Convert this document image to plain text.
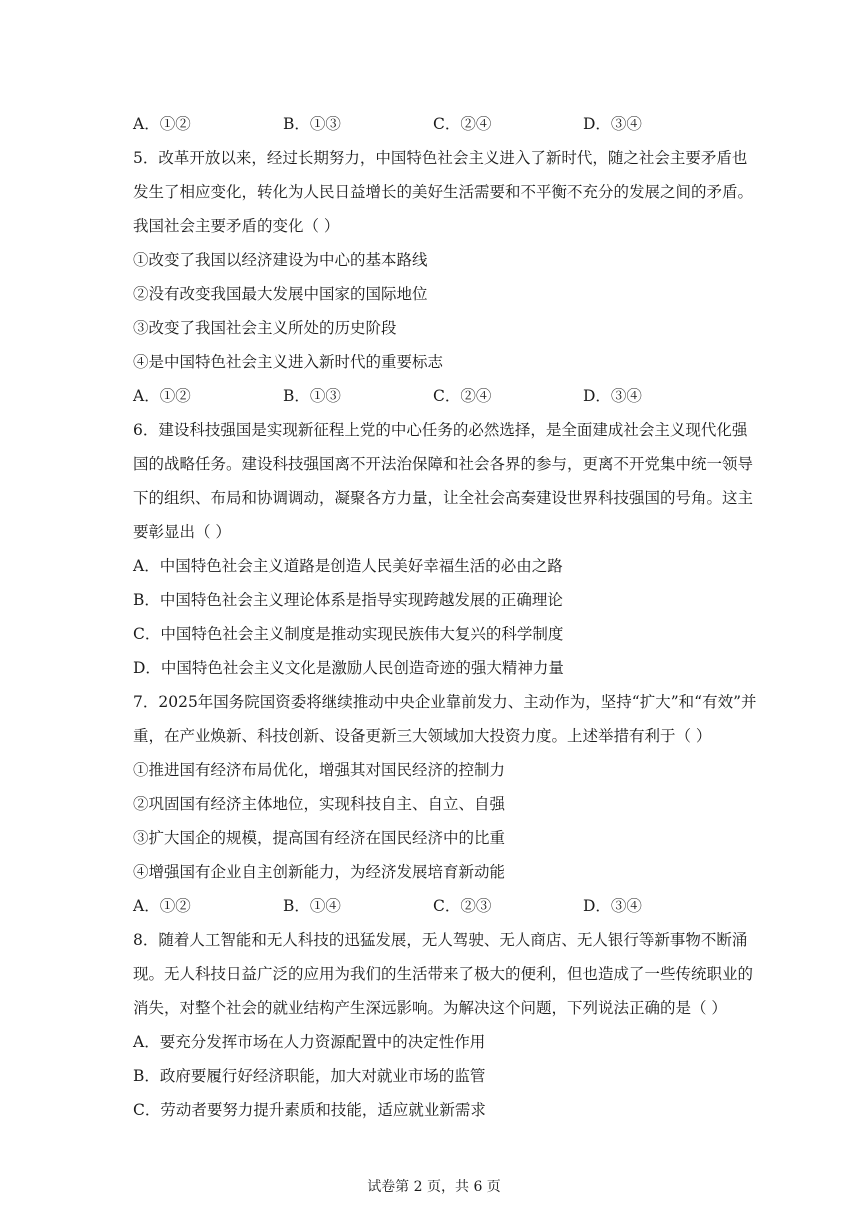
A．①②	B．①③	C．②④	D．③④
5．改革开放以来，经过长期努力，中国特色社会主义进入了新时代，随之社会主要矛盾也
发生了相应变化，转化为人民日益增长的美好生活需要和不平衡不充分的发展之间的矛盾。
我国社会主要矛盾的变化（ ）
①改变了我国以经济建设为中心的基本路线
②没有改变我国最大发展中国家的国际地位
③改变了我国社会主义所处的历史阶段
④是中国特色社会主义进入新时代的重要标志
A．①②	B．①③	C．②④	D．③④
6．建设科技强国是实现新征程上党的中心任务的必然选择，是全面建成社会主义现代化强
国的战略任务。建设科技强国离不开法治保障和社会各界的参与，更离不开党集中统一领导
下的组织、布局和协调调动，凝聚各方力量，让全社会高奏建设世界科技强国的号角。这主
要彰显出（ ）
A．中国特色社会主义道路是创造人民美好幸福生活的必由之路
B．中国特色社会主义理论体系是指导实现跨越发展的正确理论
C．中国特色社会主义制度是推动实现民族伟大复兴的科学制度
D．中国特色社会主义文化是激励人民创造奇迹的强大精神力量
7．2025年国务院国资委将继续推动中央企业靠前发力、主动作为，坚持“扩大”和“有效”并
重，在产业焕新、科技创新、设备更新三大领域加大投资力度。上述举措有利于（ ）
①推进国有经济布局优化，增强其对国民经济的控制力
②巩固国有经济主体地位，实现科技自主、自立、自强
③扩大国企的规模，提高国有经济在国民经济中的比重
④增强国有企业自主创新能力，为经济发展培育新动能
A．①②	B．①④	C．②③	D．③④
8．随着人工智能和无人科技的迅猛发展，无人驾驶、无人商店、无人银行等新事物不断涌
现。无人科技日益广泛的应用为我们的生活带来了极大的便利，但也造成了一些传统职业的
消失，对整个社会的就业结构产生深远影响。为解决这个问题，下列说法正确的是（ ）
A．要充分发挥市场在人力资源配置中的决定性作用
B．政府要履行好经济职能，加大对就业市场的监管
C．劳动者要努力提升素质和技能，适应就业新需求
试卷第 2 页，共 6 页
